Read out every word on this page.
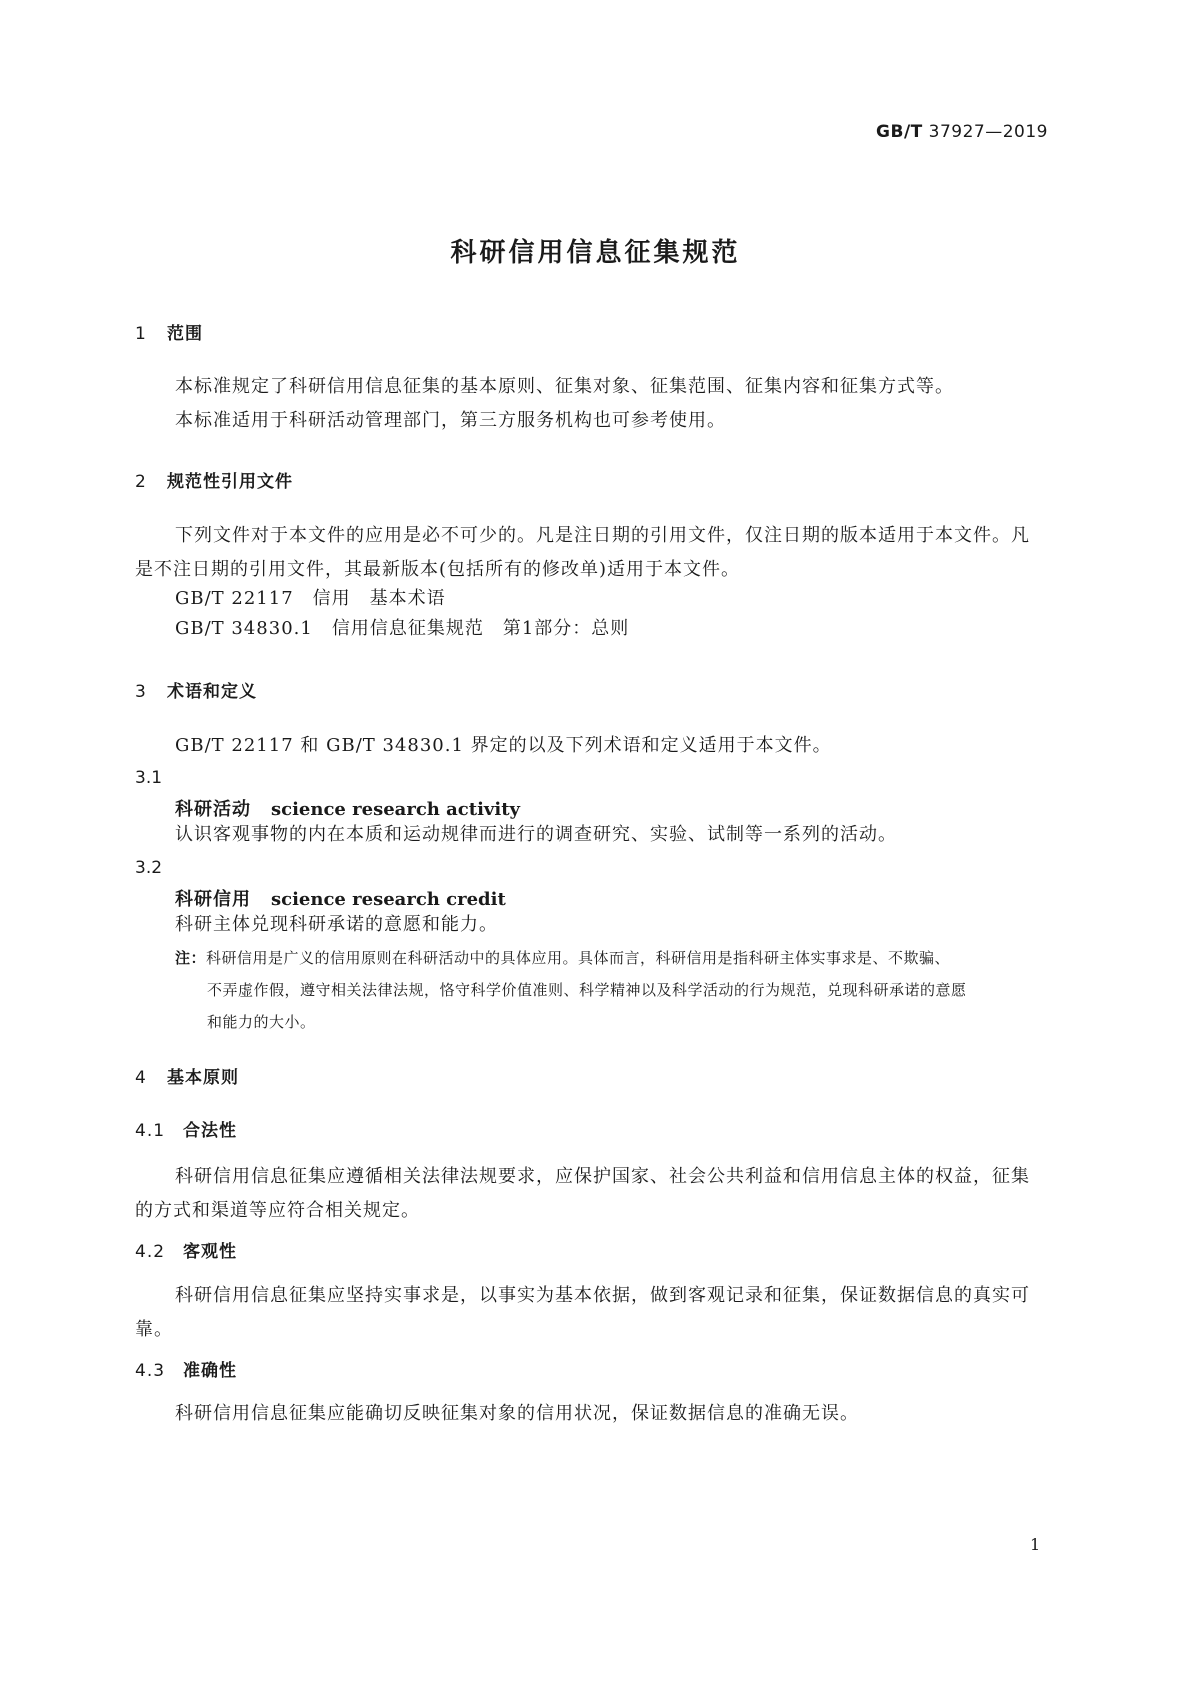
GB/T 37927—2019
科研信用信息征集规范
1 范围

本标准规定了科研信用信息征集的基本原则、征集对象、征集范围、征集内容和征集方式等。

本标准适用于科研活动管理部门，第三方服务机构也可参考使用。

2 规范性引用文件

下列文件对于本文件的应用是必不可少的。凡是注日期的引用文件，仅注日期的版本适用于本文件。凡是不注日期的引用文件，其最新版本(包括所有的修改单)适用于本文件。

GB/T 22117　信用　基本术语

GB/T 34830.1　信用信息征集规范　第1部分：总则

3 术语和定义

GB/T 22117 和 GB/T 34830.1 界定的以及下列术语和定义适用于本文件。

3.1
科研活动 science research activity

认识客观事物的内在本质和运动规律而进行的调查研究、实验、试制等一系列的活动。

3.2
科研信用 science research credit

科研主体兑现科研承诺的意愿和能力。

注：科研信用是广义的信用原则在科研活动中的具体应用。具体而言，科研信用是指科研主体实事求是、不欺骗、
不弄虚作假，遵守相关法律法规，恪守科学价值准则、科学精神以及科学活动的行为规范，兑现科研承诺的意愿
和能力的大小。
4 基本原则
4.1 合法性

科研信用信息征集应遵循相关法律法规要求，应保护国家、社会公共利益和信用信息主体的权益，征集的方式和渠道等应符合相关规定。

4.2 客观性

科研信用信息征集应坚持实事求是，以事实为基本依据，做到客观记录和征集，保证数据信息的真实可靠。

4.3 准确性

科研信用信息征集应能确切反映征集对象的信用状况，保证数据信息的准确无误。

1
